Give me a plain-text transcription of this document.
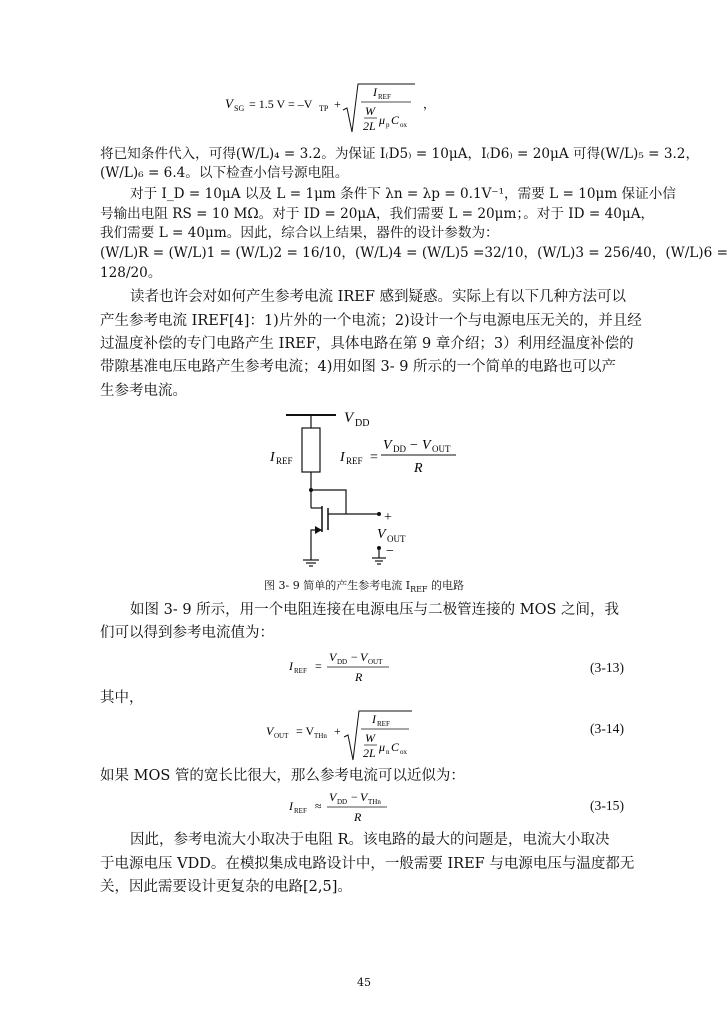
V SG = 1.5 V = –V TP +
I REF
W
2L μ p C ox
，
将已知条件代入，可得(W/L)₄ = 3.2。为保证 I₍D5₎ = 10μA，I₍D6₎ = 20μA 可得(W/L)₅ = 3.2，
(W/L)₆ = 6.4。以下检查小信号源电阻。
对于 I_D = 10μA 以及 L = 1μm 条件下 λn = λp = 0.1V⁻¹，需要 L = 10μm 保证小信
号输出电阻 RS = 10 MΩ。对于 ID = 20μA，我们需要 L = 20μm；。对于 ID = 40μA，
我们需要 L = 40μm。因此，综合以上结果，器件的设计参数为：
(W/L)R = (W/L)1 = (W/L)2 = 16/10，(W/L)4 = (W/L)5 =32/10，(W/L)3 = 256/40，(W/L)6 =
128/20。
读者也许会对如何产生参考电流 IREF 感到疑惑。实际上有以下几种方法可以
产生参考电流 IREF[4]：1)片外的一个电流；2)设计一个与电源电压无关的，并且经
过温度补偿的专门电路产生 IREF，具体电路在第 9 章介绍；3）利用经温度补偿的
带隙基准电压电路产生参考电流；4)用如图 3- 9 所示的一个简单的电路也可以产
生参考电流。
V DD
I REF	I REF =
V DD − V OUT
R
+
V OUT
−
图 3- 9 简单的产生参考电流 $I_{REF}$ 的电路
如图 3- 9 所示，用一个电阻连接在电源电压与二极管连接的 MOS 之间，我
们可以得到参考电流值为：
I REF =
V DD − V OUT
R
(3-13)
其中，
V OUT = V THn +
I REF
W
2L μ n C ox
(3-14)
如果 MOS 管的宽长比很大，那么参考电流可以近似为：
I REF ≈
V DD − V THn
R
(3-15)
因此，参考电流大小取决于电阻 R。该电路的最大的问题是，电流大小取决
于电源电压 VDD。在模拟集成电路设计中，一般需要 IREF 与电源电压与温度都无
关，因此需要设计更复杂的电路[2,5]。
45
